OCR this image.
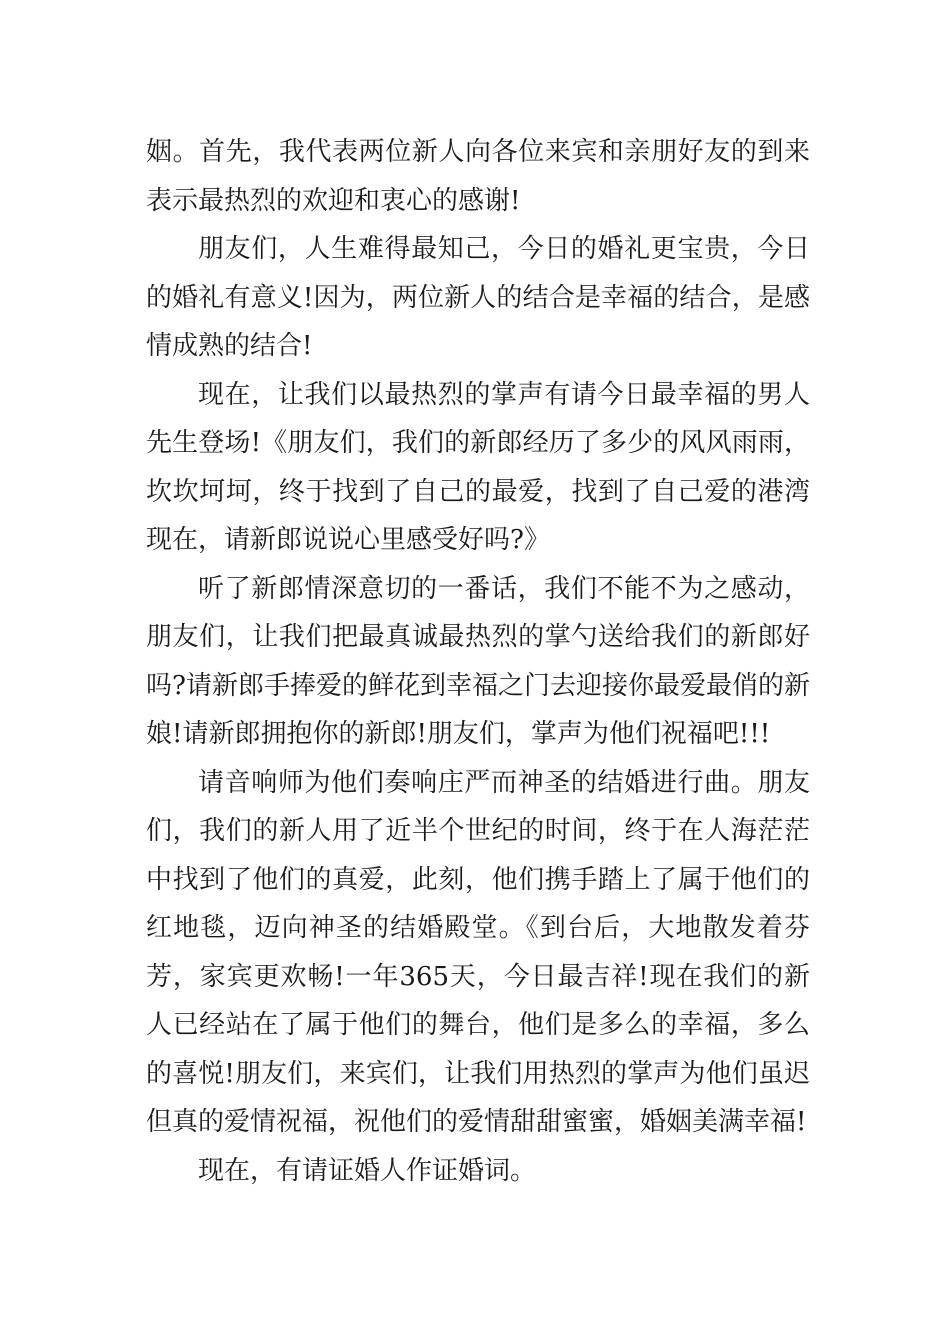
姻。首先，我代表两位新人向各位来宾和亲朋好友的到来表示最热烈的欢迎和衷心的感谢!

朋友们，人生难得最知己，今日的婚礼更宝贵，今日的婚礼有意义!因为，两位新人的结合是幸福的结合，是感情成熟的结合!

现在，让我们以最热烈的掌声有请今日最幸福的男人先生登场!《朋友们，我们的新郎经历了多少的风风雨雨，坎坎坷坷，终于找到了自己的最爱，找到了自己爱的港湾现在，请新郎说说心里感受好吗?》

听了新郎情深意切的一番话，我们不能不为之感动，朋友们，让我们把最真诚最热烈的掌勺送给我们的新郎好吗?请新郎手捧爱的鲜花到幸福之门去迎接你最爱最俏的新娘!请新郎拥抱你的新郎!朋友们，掌声为他们祝福吧!!!

请音响师为他们奏响庄严而神圣的结婚进行曲。朋友们，我们的新人用了近半个世纪的时间，终于在人海茫茫中找到了他们的真爱，此刻，他们携手踏上了属于他们的红地毯，迈向神圣的结婚殿堂。《到台后，大地散发着芬芳，家宾更欢畅!一年365天，今日最吉祥!现在我们的新人已经站在了属于他们的舞台，他们是多么的幸福，多么的喜悦!朋友们，来宾们，让我们用热烈的掌声为他们虽迟但真的爱情祝福，祝他们的爱情甜甜蜜蜜，婚姻美满幸福!

现在，有请证婚人作证婚词。
